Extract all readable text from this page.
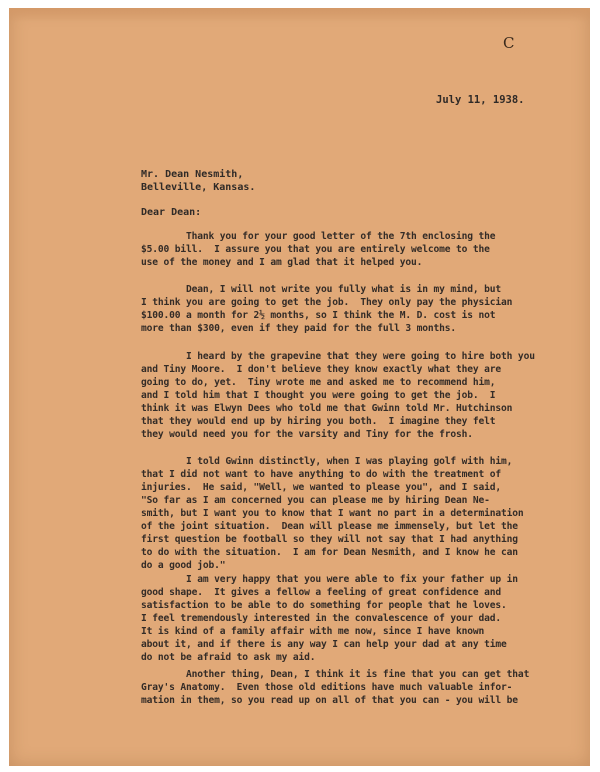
C
July 11, 1938.
Mr. Dean Nesmith,
Belleville, Kansas.
Dear Dean:
Thank you for your good letter of the 7th enclosing the
$5.00 bill.  I assure you that you are entirely welcome to the
use of the money and I am glad that it helped you.
Dean, I will not write you fully what is in my mind, but
I think you are going to get the job.  They only pay the physician
$100.00 a month for 2½ months, so I think the M. D. cost is not
more than $300, even if they paid for the full 3 months.
I heard by the grapevine that they were going to hire both you
and Tiny Moore.  I don't believe they know exactly what they are
going to do, yet.  Tiny wrote me and asked me to recommend him,
and I told him that I thought you were going to get the job.  I
think it was Elwyn Dees who told me that Gwinn told Mr. Hutchinson
that they would end up by hiring you both.  I imagine they felt
they would need you for the varsity and Tiny for the frosh.
I told Gwinn distinctly, when I was playing golf with him,
that I did not want to have anything to do with the treatment of
injuries.  He said, "Well, we wanted to please you", and I said,
"So far as I am concerned you can please me by hiring Dean Ne-
smith, but I want you to know that I want no part in a determination
of the joint situation.  Dean will please me immensely, but let the
first question be football so they will not say that I had anything
to do with the situation.  I am for Dean Nesmith, and I know he can
do a good job."
I am very happy that you were able to fix your father up in
good shape.  It gives a fellow a feeling of great confidence and
satisfaction to be able to do something for people that he loves.
I feel tremendously interested in the convalescence of your dad.
It is kind of a family affair with me now, since I have known
about it, and if there is any way I can help your dad at any time
do not be afraid to ask my aid.
Another thing, Dean, I think it is fine that you can get that
Gray's Anatomy.  Even those old editions have much valuable infor-
mation in them, so you read up on all of that you can - you will be
